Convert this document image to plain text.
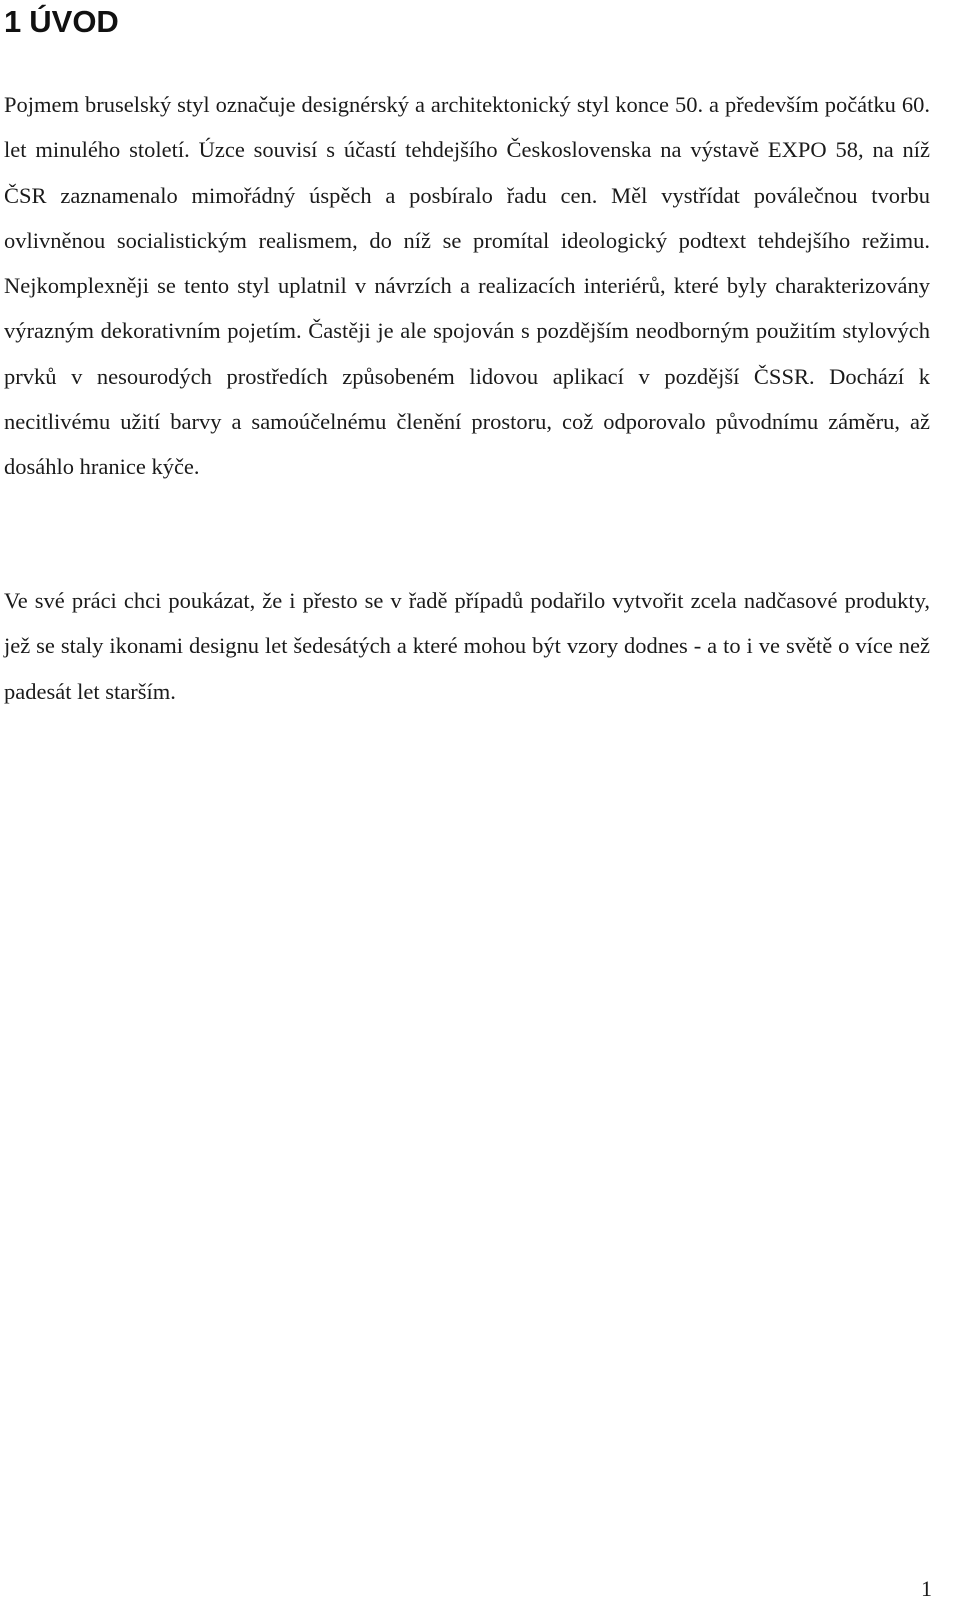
1 ÚVOD

Pojmem bruselský styl označuje designérský a architektonický styl konce 50. a především počátku 60. let minulého století. Úzce souvisí s účastí tehdejšího Československa na výstavě EXPO 58, na níž ČSR zaznamenalo mimořádný úspěch a posbíralo řadu cen. Měl vystřídat poválečnou tvorbu ovlivněnou socialistickým realismem, do níž se promítal ideologický podtext tehdejšího režimu. Nejkomplexněji se tento styl uplatnil v návrzích a realizacích interiérů, které byly charakterizovány výrazným dekorativním pojetím. Častěji je ale spojován s pozdějším neodborným použitím stylových prvků v nesourodých prostředích způsobeném lidovou aplikací v pozdější ČSSR. Dochází k necitlivému užití barvy a samoúčelnému členění prostoru, což odporovalo původnímu záměru, až dosáhlo hranice kýče.

Ve své práci chci poukázat, že i přesto se v řadě případů podařilo vytvořit zcela nadčasové produkty, jež se staly ikonami designu let šedesátých a které mohou být vzory dodnes - a to i ve světě o více než padesát let starším.

1
